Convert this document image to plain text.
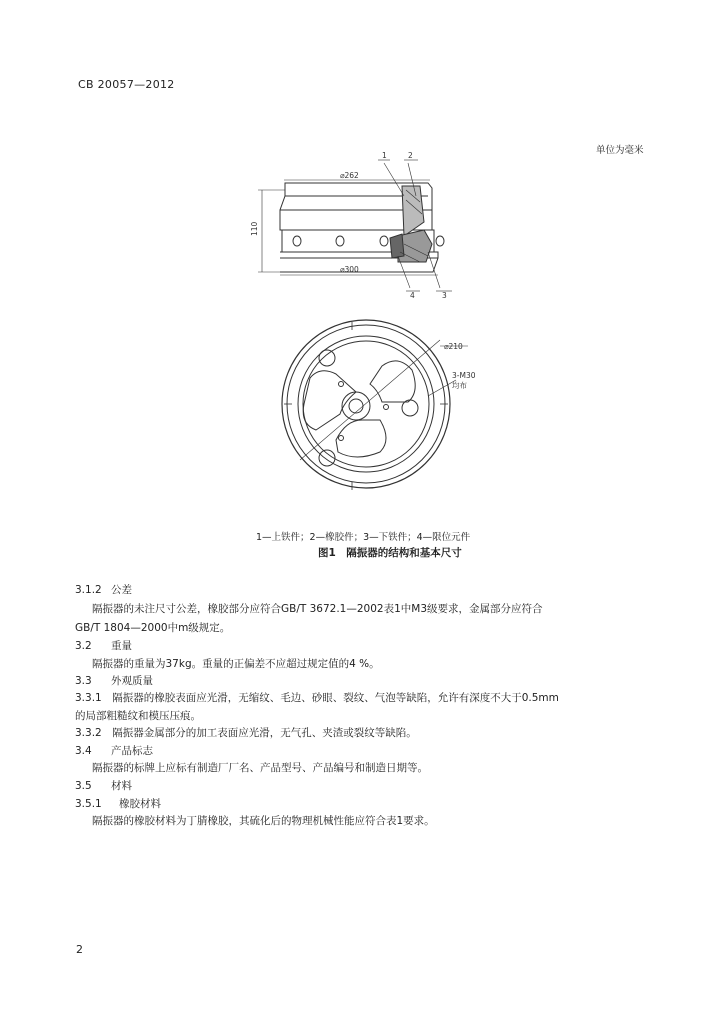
CB 20057—2012
单位为毫米
⌀262
⌀300
⌀210
3-M30
均布
110
1	2
4	3
1—上铁件；2—橡胶件；3—下铁件；4—限位元件
图1　隔振器的结构和基本尺寸
3.1.2 公差
隔振器的未注尺寸公差，橡胶部分应符合GB/T 3672.1—2002表1中M3级要求，金属部分应符合
GB/T 1804—2000中m级规定。
3.2 重量
隔振器的重量为37kg。重量的正偏差不应超过规定值的4 %。
3.3 外观质量
3.3.1　隔振器的橡胶表面应光滑，无缩纹、毛边、砂眼、裂纹、气泡等缺陷，允许有深度不大于0.5mm
的局部粗糙纹和模压压痕。
3.3.2　隔振器金属部分的加工表面应光滑，无气孔、夹渣或裂纹等缺陷。
3.4 产品标志
隔振器的标牌上应标有制造厂厂名、产品型号、产品编号和制造日期等。
3.5 材料
3.5.1 橡胶材料
隔振器的橡胶材料为丁腈橡胶，其硫化后的物理机械性能应符合表1要求。
2
